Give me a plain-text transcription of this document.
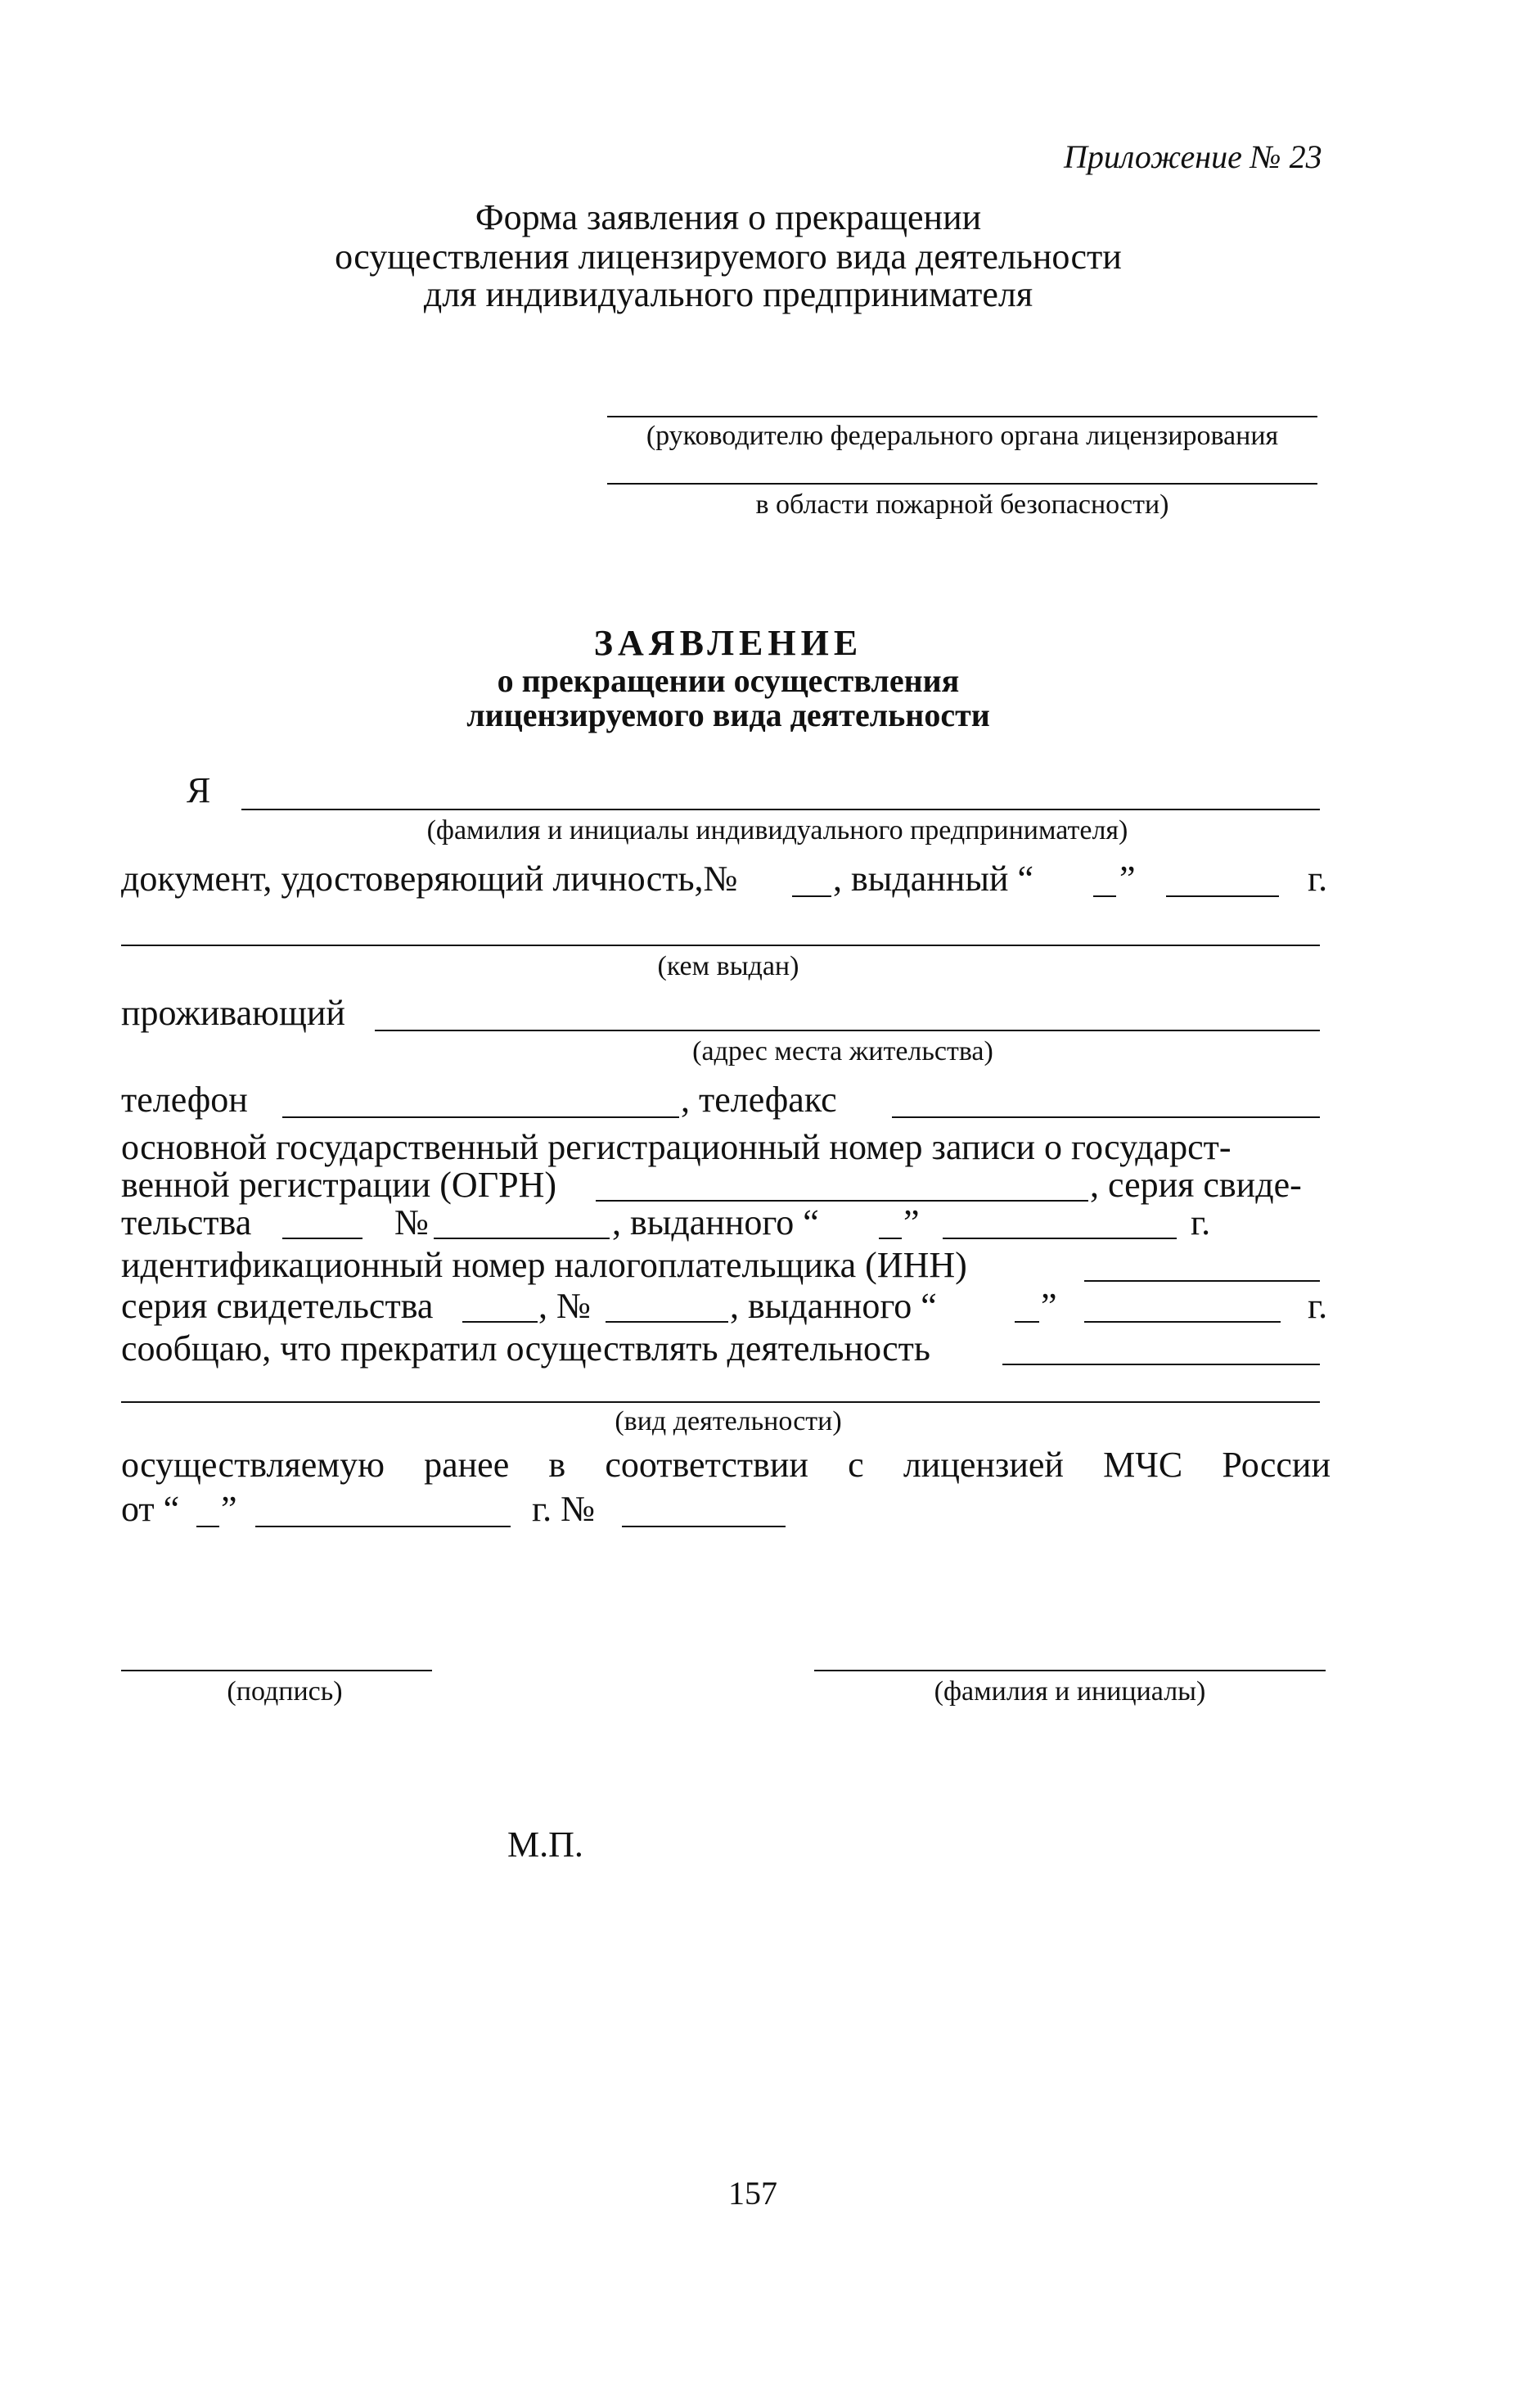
Приложение № 23
Форма заявления о прекращении
осуществления лицензируемого вида деятельности
для индивидуального предпринимателя
(руководителю федерального органа лицензирования
в области пожарной безопасности)
ЗАЯВЛЕНИЕ
о прекращении осуществления
лицензируемого вида деятельности
Я
(фамилия и инициалы индивидуального предпринимателя)
документ, удостоверяющий личность,№	, выданный “ ”	г.
(кем выдан)
проживающий
(адрес места жительства)
телефон	, телефакс
основной государственный регистрационный номер записи о государст-
венной регистрации (ОГРН)	, серия свиде-
тельства	№	, выданного “ ”	г.
идентификационный номер налогоплательщика (ИНН)
серия свидетельства	, №	, выданного “	”	г.
сообщаю, что прекратил осуществлять деятельность
(вид деятельности)
осуществляемую ранее в соответствии с лицензией МЧС России
от “ ”	г. №
(подпись)	(фамилия и инициалы)
М.П.
157
